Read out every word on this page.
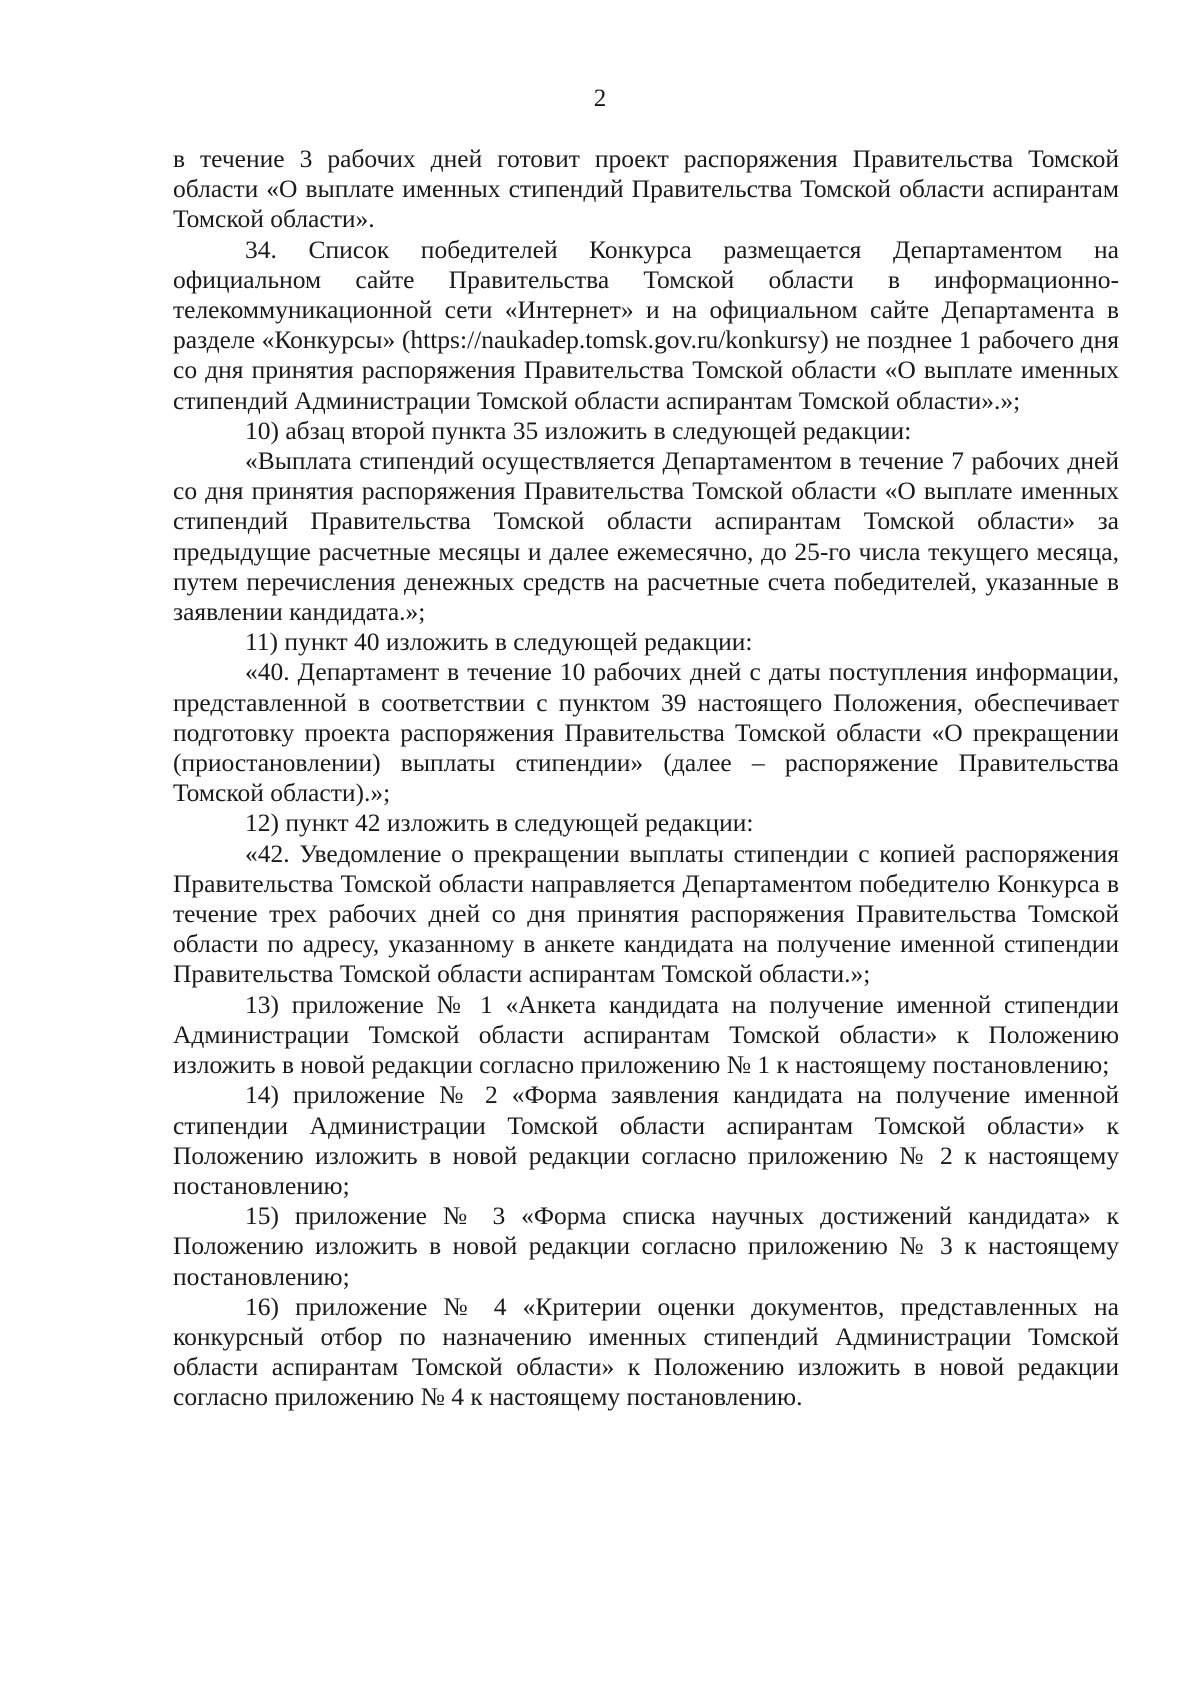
2

в течение 3 рабочих дней готовит проект распоряжения Правительства Томской области «О выплате именных стипендий Правительства Томской области аспирантам Томской области».

34. Список победителей Конкурса размещается Департаментом на официальном сайте Правительства Томской области в информационно-телекоммуникационной сети «Интернет» и на официальном сайте Департамента в разделе «Конкурсы» (https://naukadep.tomsk.gov.ru/konkursy) не позднее 1 рабочего дня со дня принятия распоряжения Правительства Томской области «О выплате именных стипендий Администрации Томской области аспирантам Томской области».»;

10) абзац второй пункта 35 изложить в следующей редакции:

«Выплата стипендий осуществляется Департаментом в течение 7 рабочих дней со дня принятия распоряжения Правительства Томской области «О выплате именных стипендий Правительства Томской области аспирантам Томской области» за предыдущие расчетные месяцы и далее ежемесячно, до 25-го числа текущего месяца, путем перечисления денежных средств на расчетные счета победителей, указанные в заявлении кандидата.»;

11) пункт 40 изложить в следующей редакции:

«40. Департамент в течение 10 рабочих дней с даты поступления информации, представленной в соответствии с пунктом 39 настоящего Положения, обеспечивает подготовку проекта распоряжения Правительства Томской области «О прекращении (приостановлении) выплаты стипендии» (далее – распоряжение Правительства Томской области).»;

12) пункт 42 изложить в следующей редакции:

«42. Уведомление о прекращении выплаты стипендии с копией распоряжения Правительства Томской области направляется Департаментом победителю Конкурса в течение трех рабочих дней со дня принятия распоряжения Правительства Томской области по адресу, указанному в анкете кандидата на получение именной стипендии Правительства Томской области аспирантам Томской области.»;

13) приложение № 1 «Анкета кандидата на получение именной стипендии Администрации Томской области аспирантам Томской области» к Положению изложить в новой редакции согласно приложению № 1 к настоящему постановлению;

14) приложение № 2 «Форма заявления кандидата на получение именной стипендии Администрации Томской области аспирантам Томской области» к Положению изложить в новой редакции согласно приложению № 2 к настоящему постановлению;

15) приложение № 3 «Форма списка научных достижений кандидата» к Положению изложить в новой редакции согласно приложению № 3 к настоящему постановлению;

16) приложение № 4 «Критерии оценки документов, представленных на конкурсный отбор по назначению именных стипендий Администрации Томской области аспирантам Томской области» к Положению изложить в новой редакции согласно приложению № 4 к настоящему постановлению.
